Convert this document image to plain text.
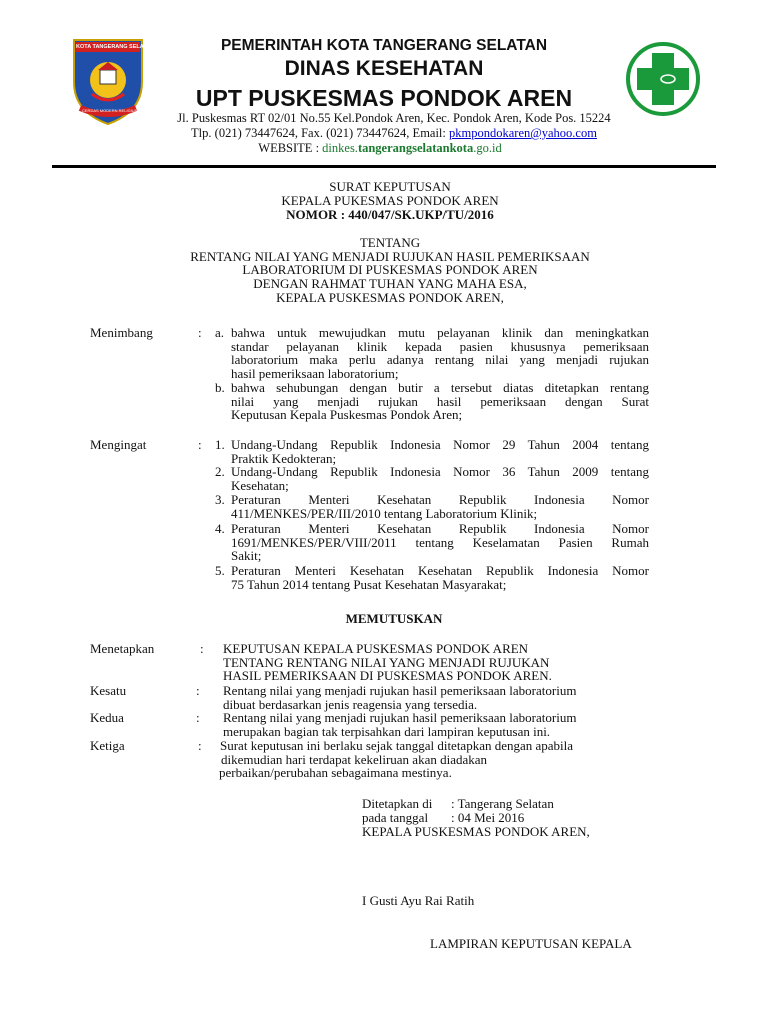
KOTA TANGERANG SELATAN
CERDAS MODERN RELIGIUS
PEMERINTAH KOTA TANGERANG SELATAN
DINAS KESEHATAN
UPT PUSKESMAS PONDOK AREN
Jl. Puskesmas RT 02/01 No.55 Kel.Pondok Aren, Kec. Pondok Aren, Kode Pos. 15224
Tlp. (021) 73447624, Fax. (021) 73447624, Email: pkmpondokaren@yahoo.com
WEBSITE : dinkes.tangerangselatankota.go.id
SURAT KEPUTUSAN
KEPALA PUKESMAS PONDOK AREN
NOMOR : 440/047/SK.UKP/TU/2016
TENTANG
RENTANG NILAI YANG MENJADI RUJUKAN HASIL PEMERIKSAAN
LABORATORIUM DI PUSKESMAS PONDOK AREN
DENGAN RAHMAT TUHAN YANG MAHA ESA,
KEPALA PUSKESMAS PONDOK AREN,
Menimbang	: a. bahwa untuk mewujudkan mutu pelayanan klinik dan meningkatkan
standar pelayanan klinik kepada pasien khusus​nya pemeriksaan
laboratorium maka perlu adanya rentang nilai yang menjadi rujukan
hasil pemeriksaan laboratorium;
b. bahwa sehubungan dengan butir a tersebut diatas ditetapkan rentang
nilai yang menjadi rujukan hasil pemeriksaan dengan Surat
Keputusan Kepala Puskesmas Pondok Aren;
Mengingat	: 1. Undang-Undang Republik Indonesia Nomor 29 Tahun 2004 tentang
Praktik Kedokteran;
2. Undang-Undang Republik Indonesia Nomor 36 Tahun 2009 tentang
Kesehatan;
3. Peraturan Menteri Kesehatan Republik Indonesia Nomor
411/MENKES/PER/III/2010 tentang Laboratorium Klinik;
4. Peraturan Menteri Kesehatan Republik Indonesia Nomor
1691/MENKES/PER/VIII/2011 tentang Keselamatan Pasien Rumah
Sakit;
5. Peraturan Menteri Kesehatan Kesehatan Republik Indonesia Nomor
75 Tahun 2014 tentang Pusat Kesehatan Masyarakat;
MEMUTUSKAN
Menetapkan	: KEPUTUSAN KEPALA PUSKESMAS PONDOK AREN
TENTANG RENTANG NILAI YANG MENJADI RUJUKAN
HASIL PEMERIKSAAN DI PUSKESMAS PONDOK AREN.
Kesatu	: Rentang nilai yang menjadi rujukan hasil pemeriksaan laboratorium
dibuat berdasarkan jenis reagensia yang tersedia.
Kedua	: Rentang nilai yang menjadi rujukan hasil pemeriksaan laboratorium
merupakan bagian tak terpisahkan dari lampiran keputusan ini.
Ketiga	: Surat keputusan ini berlaku sejak tanggal ditetapkan dengan apabila
dikemudian hari terdapat kekeliruan akan diadakan
perbaikan/perubahan sebagaimana mestinya.
Ditetapkan di : Tangerang Selatan
pada tanggal : 04 Mei 2016
KEPALA PUSKESMAS PONDOK AREN,
I Gusti Ayu Rai Ratih
LAMPIRAN KEPUTUSAN KEPALA
